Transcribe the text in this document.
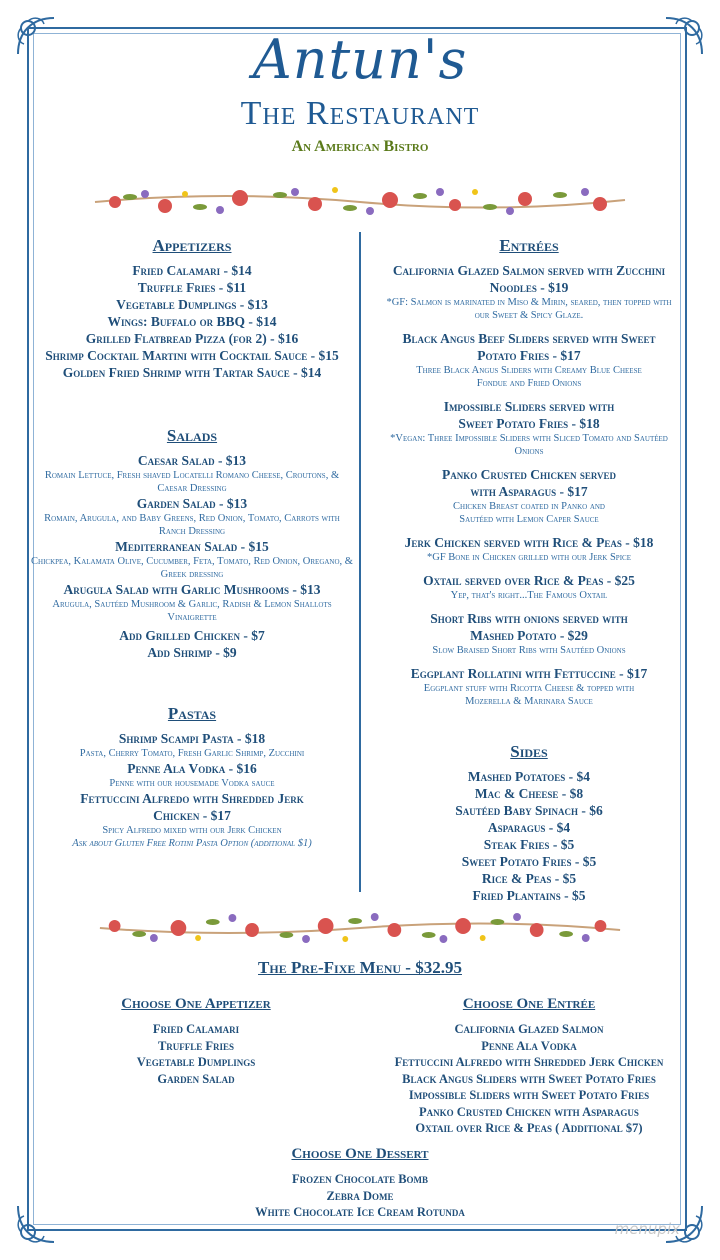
Antun's
The Restaurant
An American Bistro
Appetizers
Fried Calamari - $14
Truffle Fries - $11
Vegetable Dumplings - $13
Wings: Buffalo or BBQ - $14
Grilled Flatbread Pizza (for 2) - $16
Shrimp Cocktail Martini with Cocktail Sauce - $15
Golden Fried Shrimp with Tartar Sauce - $14
Salads
Caesar Salad - $13
Romain Lettuce, Fresh shaved Locatelli Romano Cheese, Croutons, & Caesar Dressing
Garden Salad - $13
Romain, Arugula, and Baby Greens, Red Onion, Tomato, Carrots with Ranch Dressing
Mediterranean Salad - $15
Chickpea, Kalamata Olive, Cucumber, Feta, Tomato, Red Onion, Oregano, & Greek dressing
Arugula Salad with Garlic Mushrooms - $13
Arugula, Sautéed Mushroom & Garlic, Radish & Lemon Shallots Vinaigrette
Add Grilled Chicken - $7
Add Shrimp - $9
Pastas
Shrimp Scampi Pasta - $18
Pasta, Cherry Tomato, Fresh Garlic Shrimp, Zucchini
Penne Ala Vodka - $16
Penne with our housemade Vodka sauce
Fettuccini Alfredo with Shredded Jerk Chicken - $17
Spicy Alfredo mixed with our Jerk Chicken
Ask about Gluten Free Rotini Pasta Option (additional $1)
Entrées
California Glazed Salmon served with Zucchini Noodles - $19
*GF: Salmon is marinated in Miso & Mirin, seared, then topped with our Sweet & Spicy Glaze.
Black Angus Beef Sliders served with Sweet Potato Fries - $17
Three Black Angus Sliders with Creamy Blue Cheese Fondue and Fried Onions
Impossible Sliders served with Sweet Potato Fries - $18
*Vegan: Three Impossible Sliders with Sliced Tomato and Sautéed Onions
Panko Crusted Chicken served with Asparagus - $17
Chicken Breast coated in Panko and Sautéed with Lemon Caper Sauce
Jerk Chicken served with Rice & Peas - $18
*GF Bone in Chicken grilled with our Jerk Spice
Oxtail served over Rice & Peas - $25
Yep, that's right...The Famous Oxtail
Short Ribs with onions served with Mashed Potato - $29
Slow Braised Short Ribs with Sautéed Onions
Eggplant Rollatini with Fettuccine - $17
Eggplant stuff with Ricotta Cheese & topped with Mozerella & Marinara Sauce
Sides
Mashed Potatoes - $4
Mac & Cheese - $8
Sautéed Baby Spinach - $6
Asparagus - $4
Steak Fries - $5
Sweet Potato Fries - $5
Rice & Peas - $5
Fried Plantains - $5
The Pre-Fixe Menu - $32.95
Choose One Appetizer
Fried Calamari
Truffle Fries
Vegetable Dumplings
Garden Salad
Choose One Entrée
California Glazed Salmon
Penne Ala Vodka
Fettuccini Alfredo with Shredded Jerk Chicken
Black Angus Sliders with Sweet Potato Fries
Impossible Sliders with Sweet Potato Fries
Panko Crusted Chicken with Asparagus
Oxtail over Rice & Peas ( Additional $7)
Choose One Dessert
Frozen Chocolate Bomb
Zebra Dome
White Chocolate Ice Cream Rotunda
menupix
